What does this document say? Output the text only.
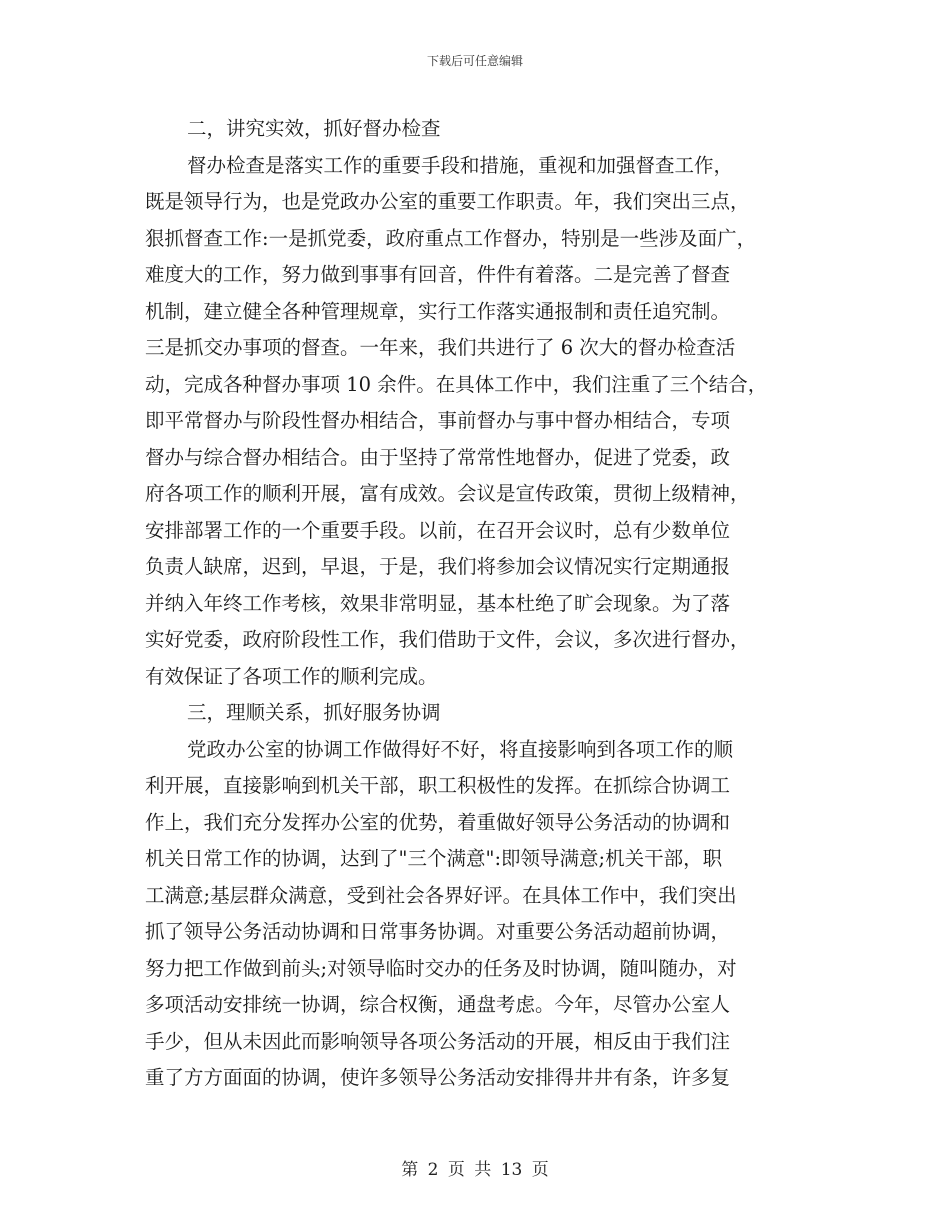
下载后可任意编辑
二，讲究实效，抓好督办检查
督办检查是落实工作的重要手段和措施，重视和加强督查工作，
既是领导行为，也是党政办公室的重要工作职责。年，我们突出三点，
狠抓督查工作:一是抓党委，政府重点工作督办，特别是一些涉及面广，
难度大的工作，努力做到事事有回音，件件有着落。二是完善了督查
机制，建立健全各种管理规章，实行工作落实通报制和责任追究制。
三是抓交办事项的督查。一年来，我们共进行了 6 次大的督办检查活
动，完成各种督办事项 10 余件。在具体工作中，我们注重了三个结合，
即平常督办与阶段性督办相结合，事前督办与事中督办相结合，专项
督办与综合督办相结合。由于坚持了常常性地督办，促进了党委，政
府各项工作的顺利开展，富有成效。会议是宣传政策，贯彻上级精神，
安排部署工作的一个重要手段。以前，在召开会议时，总有少数单位
负责人缺席，迟到，早退，于是，我们将参加会议情况实行定期通报
并纳入年终工作考核，效果非常明显，基本杜绝了旷会现象。为了落
实好党委，政府阶段性工作，我们借助于文件，会议，多次进行督办，
有效保证了各项工作的顺利完成。
三，理顺关系，抓好服务协调
党政办公室的协调工作做得好不好，将直接影响到各项工作的顺
利开展，直接影响到机关干部，职工积极性的发挥。在抓综合协调工
作上，我们充分发挥办公室的优势，着重做好领导公务活动的协调和
机关日常工作的协调，达到了"三个满意":即领导满意;机关干部，职
工满意;基层群众满意，受到社会各界好评。在具体工作中，我们突出
抓了领导公务活动协调和日常事务协调。对重要公务活动超前协调，
努力把工作做到前头;对领导临时交办的任务及时协调，随叫随办，对
多项活动安排统一协调，综合权衡，通盘考虑。今年，尽管办公室人
手少，但从未因此而影响领导各项公务活动的开展，相反由于我们注
重了方方面面的协调，使许多领导公务活动安排得井井有条，许多复
第 2 页 共 13 页
